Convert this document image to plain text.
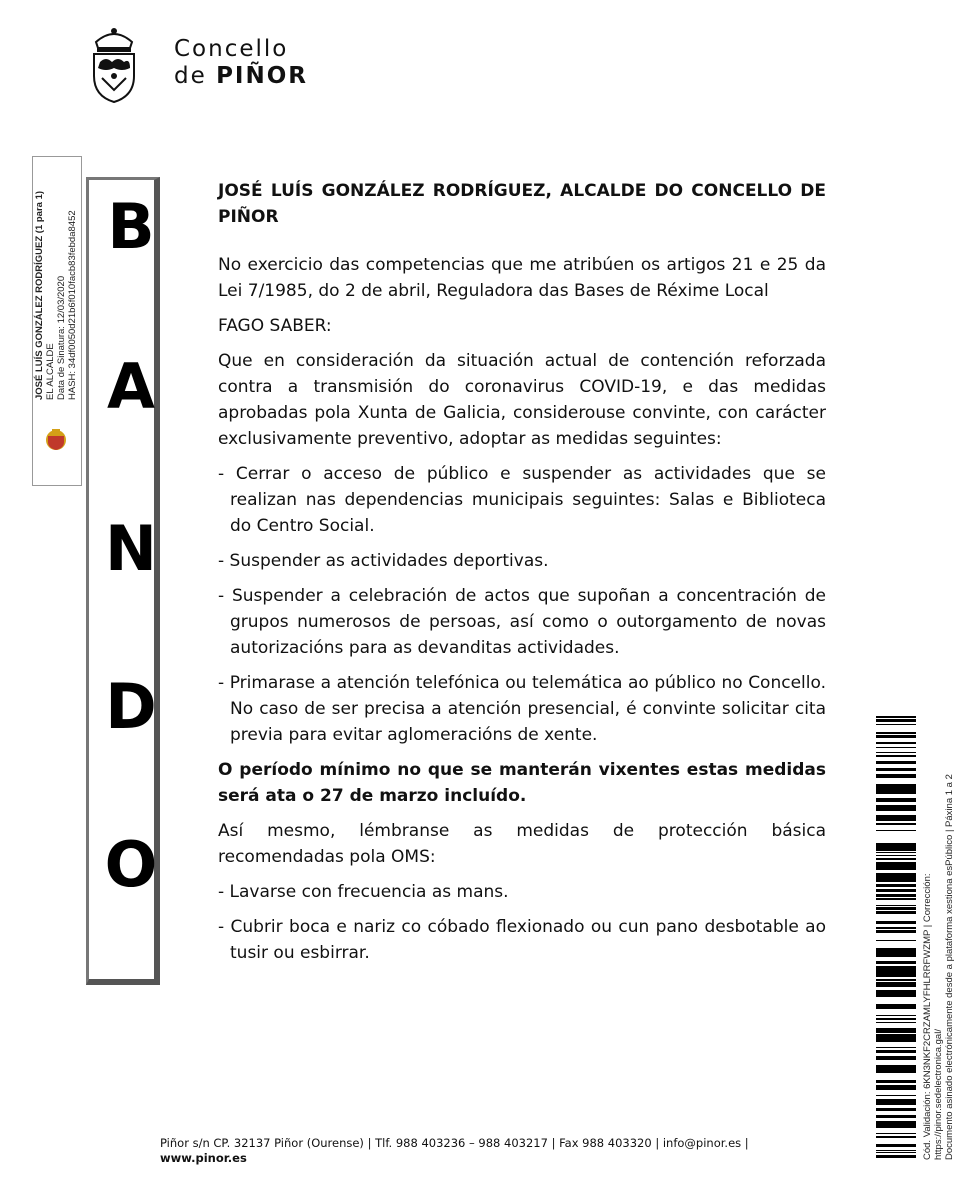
Concello
de PIÑOR
JOSÉ LUÍS GONZÁLEZ RODRÍGUEZ (1 para 1) EL ALCALDE Data de Sinatura: 12/03/2020 HASH: 34df0050d21b6f010facb83febda8452 B
A
N
D
O

JOSÉ LUÍS GONZÁLEZ RODRÍGUEZ, ALCALDE DO CONCELLO DE PIÑOR

No exercicio das competencias que me atribúen os artigos 21 e 25 da Lei 7/1985, do 2 de abril, Reguladora das Bases de Réxime Local

FAGO SABER:

Que en consideración da situación actual de contención reforzada contra a transmisión do coronavirus COVID-19, e das medidas aprobadas pola Xunta de Galicia, considerouse convinte, con carácter exclusivamente preventivo, adoptar as medidas seguintes:

- Cerrar o acceso de público e suspender as actividades que se realizan nas dependencias municipais seguintes: Salas e Biblioteca do Centro Social.

- Suspender as actividades deportivas.

- Suspender a celebración de actos que supoñan a concentración de grupos numerosos de persoas, así como o outorgamento de novas autorizacións para as devanditas actividades.

- Primarase a atención telefónica ou telemática ao público no Concello. No caso de ser precisa a atención presencial, é convinte solicitar cita previa para evitar aglomeracións de xente.

O período mínimo no que se manterán vixentes estas medidas será ata o 27 de marzo incluído.

Así mesmo, lémbranse as medidas de protección básica recomendadas pola OMS:

- Lavarse con frecuencia as mans.

- Cubrir boca e nariz co cóbado flexionado ou cun pano desbotable ao tusir ou esbirrar.

Piñor s/n CP. 32137 Piñor (Ourense) | Tlf. 988 403236 – 988 403217 | Fax 988 403320 | info@pinor.es |
www.pinor.es	Cód. Validación: 6KN3NKF2CRZAMLYFHLRRFWZMP | Corrección: https://pinor.sedelectronica.gal/ Documento asinado electrónicamente desde a plataforma xestiona esPúblico | Páxina 1 a 2
